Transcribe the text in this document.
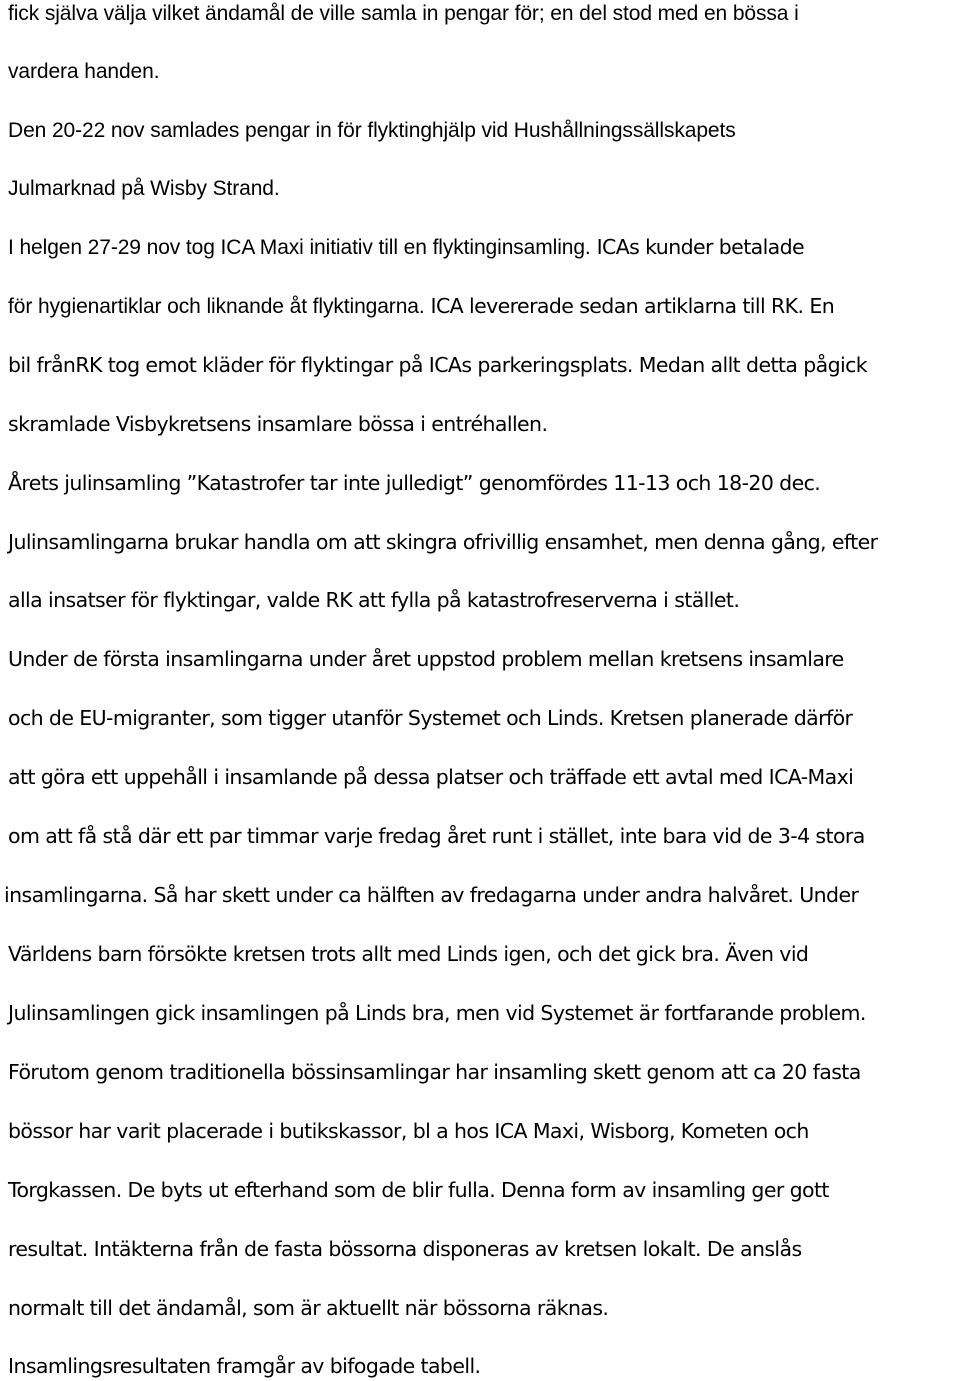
fick själva välja vilket ändamål de ville samla in pengar för; en del stod med en bössa i
vardera handen.
Den 20-22 nov samlades pengar in för flyktinghjälp vid Hushållningssällskapets
Julmarknad på Wisby Strand.
I helgen 27-29 nov tog ICA Maxi initiativ till en flyktinginsamling. ICAs kunder betalade
för hygienartiklar och liknande åt flyktingarna. ICA levererade sedan artiklarna till RK. En
bil frånRK tog emot kläder för flyktingar på ICAs parkeringsplats. Medan allt detta pågick
skramlade Visbykretsens insamlare bössa i entréhallen.
Årets julinsamling ”Katastrofer tar inte julledigt” genomfördes 11-13 och 18-20 dec.
Julinsamlingarna brukar handla om att skingra ofrivillig ensamhet, men denna gång, efter
alla insatser för flyktingar, valde RK att fylla på katastrofreserverna i stället.
Under de första insamlingarna under året uppstod problem mellan kretsens insamlare
och de EU-migranter, som tigger utanför Systemet och Linds. Kretsen planerade därför
att göra ett uppehåll i insamlande på dessa platser och träffade ett avtal med ICA-Maxi
om att få stå där ett par timmar varje fredag året runt i stället, inte bara vid de 3-4 stora
insamlingarna. Så har skett under ca hälften av fredagarna under andra halvåret. Under
Världens barn försökte kretsen trots allt med Linds igen, och det gick bra. Även vid
Julinsamlingen gick insamlingen på Linds bra, men vid Systemet är fortfarande problem.
Förutom genom traditionella bössinsamlingar har insamling skett genom att ca 20 fasta
bössor har varit placerade i butikskassor, bl a hos ICA Maxi, Wisborg, Kometen och
Torgkassen. De byts ut efterhand som de blir fulla. Denna form av insamling ger gott
resultat. Intäkterna från de fasta bössorna disponeras av kretsen lokalt. De anslås
normalt till det ändamål, som är aktuellt när bössorna räknas.
Insamlingsresultaten framgår av bifogade tabell.
